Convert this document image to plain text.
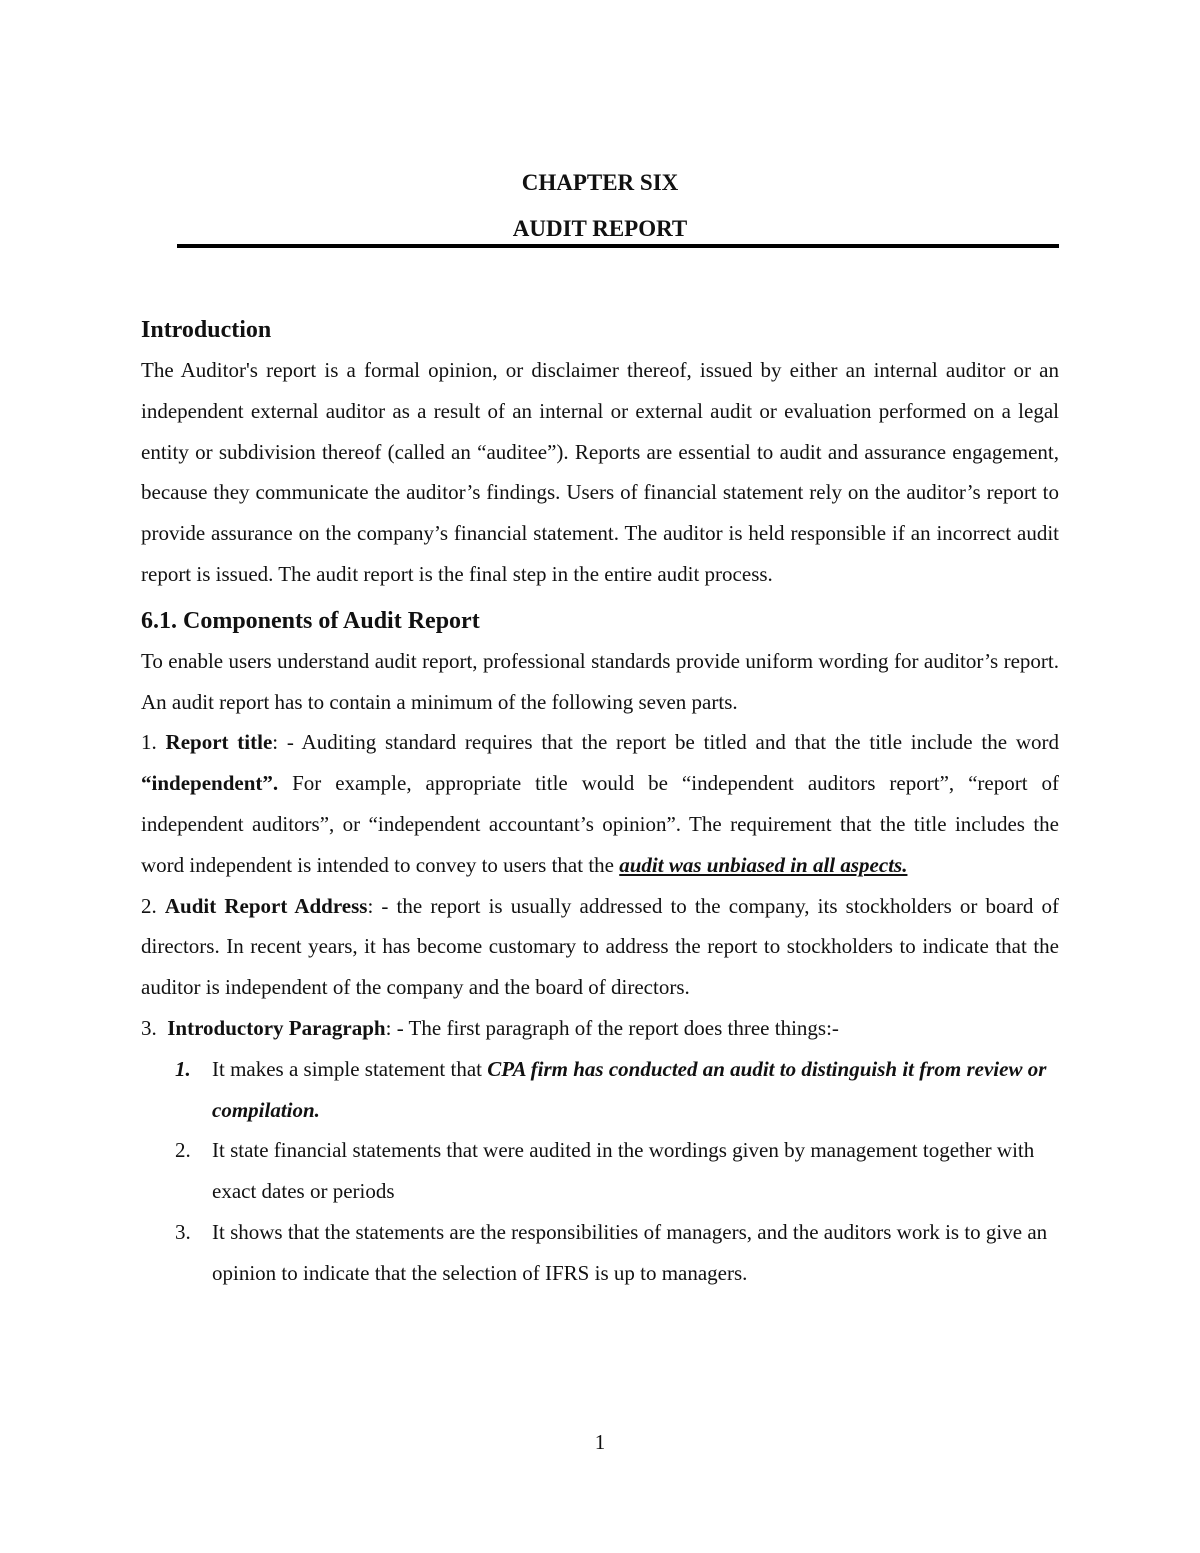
CHAPTER SIX
AUDIT REPORT
Introduction

The Auditor's report is a formal opinion, or disclaimer thereof, issued by either an internal auditor or an independent external auditor as a result of an internal or external audit or evaluation performed on a legal entity or subdivision thereof (called an “auditee”). Reports are essential to audit and assurance engagement, because they communicate the auditor’s findings. Users of financial statement rely on the auditor’s report to provide assurance on the company’s financial statement. The auditor is held responsible if an incorrect audit report is issued. The audit report is the final step in the entire audit process.

6.1. Components of Audit Report

To enable users understand audit report, professional standards provide uniform wording for auditor’s report. An audit report has to contain a minimum of the following seven parts.

1. Report title: - Auditing standard requires that the report be titled and that the title include the word “independent”. For example, appropriate title would be “independent auditors report”, “report of independent auditors”, or “independent accountant’s opinion”. The requirement that the title includes the word independent is intended to convey to users that the audit was unbiased in all aspects.

2. Audit Report Address: - the report is usually addressed to the company, its stockholders or board of directors. In recent years, it has become customary to address the report to stockholders to indicate that the auditor is independent of the company and the board of directors.

3. Introductory Paragraph: - The first paragraph of the report does three things:-

1. It makes a simple statement that CPA firm has conducted an audit to distinguish it from review or compilation.
2. It state financial statements that were audited in the wordings given by management together with exact dates or periods
3. It shows that the statements are the responsibilities of managers, and the auditors work is to give an opinion to indicate that the selection of IFRS is up to managers.
1
